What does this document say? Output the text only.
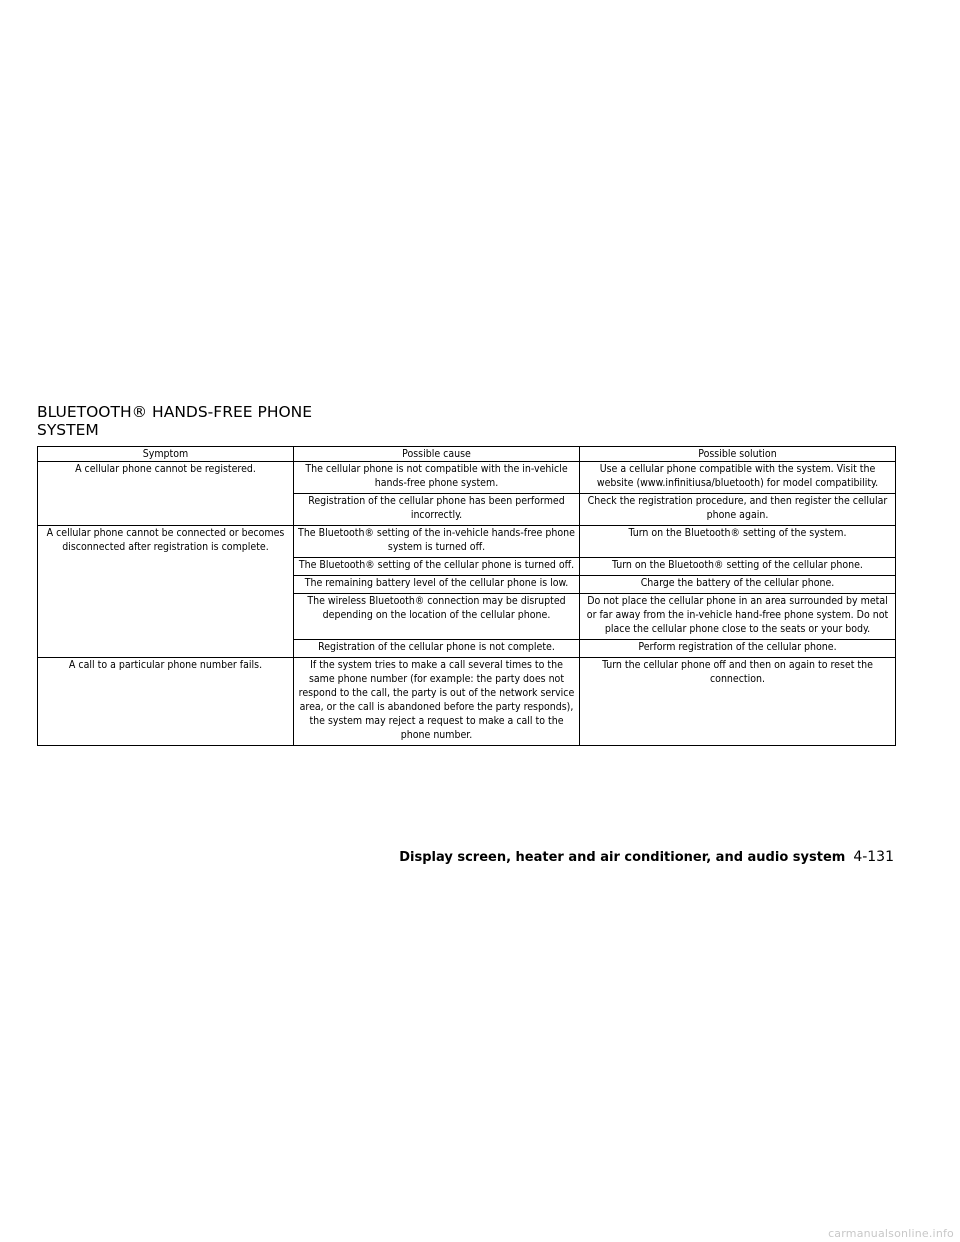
BLUETOOTH® HANDS-FREE PHONE
SYSTEM
Symptom	Possible cause	Possible solution
A cellular phone cannot be registered.	The cellular phone is not compatible with the in-vehicle hands-free phone system.	Use a cellular phone compatible with the system. Visit the website (www.infinitiusa/bluetooth) for model compatibility.
	Registration of the cellular phone has been performed incorrectly.	Check the registration procedure, and then register the cellular phone again.
A cellular phone cannot be connected or becomes disconnected after registration is complete.	The Bluetooth® setting of the in-vehicle hands-free phone system is turned off.	Turn on the Bluetooth® setting of the system.
	The Bluetooth® setting of the cellular phone is turned off.	Turn on the Bluetooth® setting of the cellular phone.
	The remaining battery level of the cellular phone is low.	Charge the battery of the cellular phone.
	The wireless Bluetooth® connection may be disrupted depending on the location of the cellular phone.	Do not place the cellular phone in an area surrounded by metal or far away from the in-vehicle hand-free phone system. Do not place the cellular phone close to the seats or your body.
	Registration of the cellular phone is not complete.	Perform registration of the cellular phone.
A call to a particular phone number fails.	If the system tries to make a call several times to the same phone number (for example: the party does not respond to the call, the party is out of the network service area, or the call is abandoned before the party responds), the system may reject a request to make a call to the phone number.	Turn the cellular phone off and then on again to reset the connection.
Display screen, heater and air conditioner, and audio system 4-131
carmanualsonline.info
